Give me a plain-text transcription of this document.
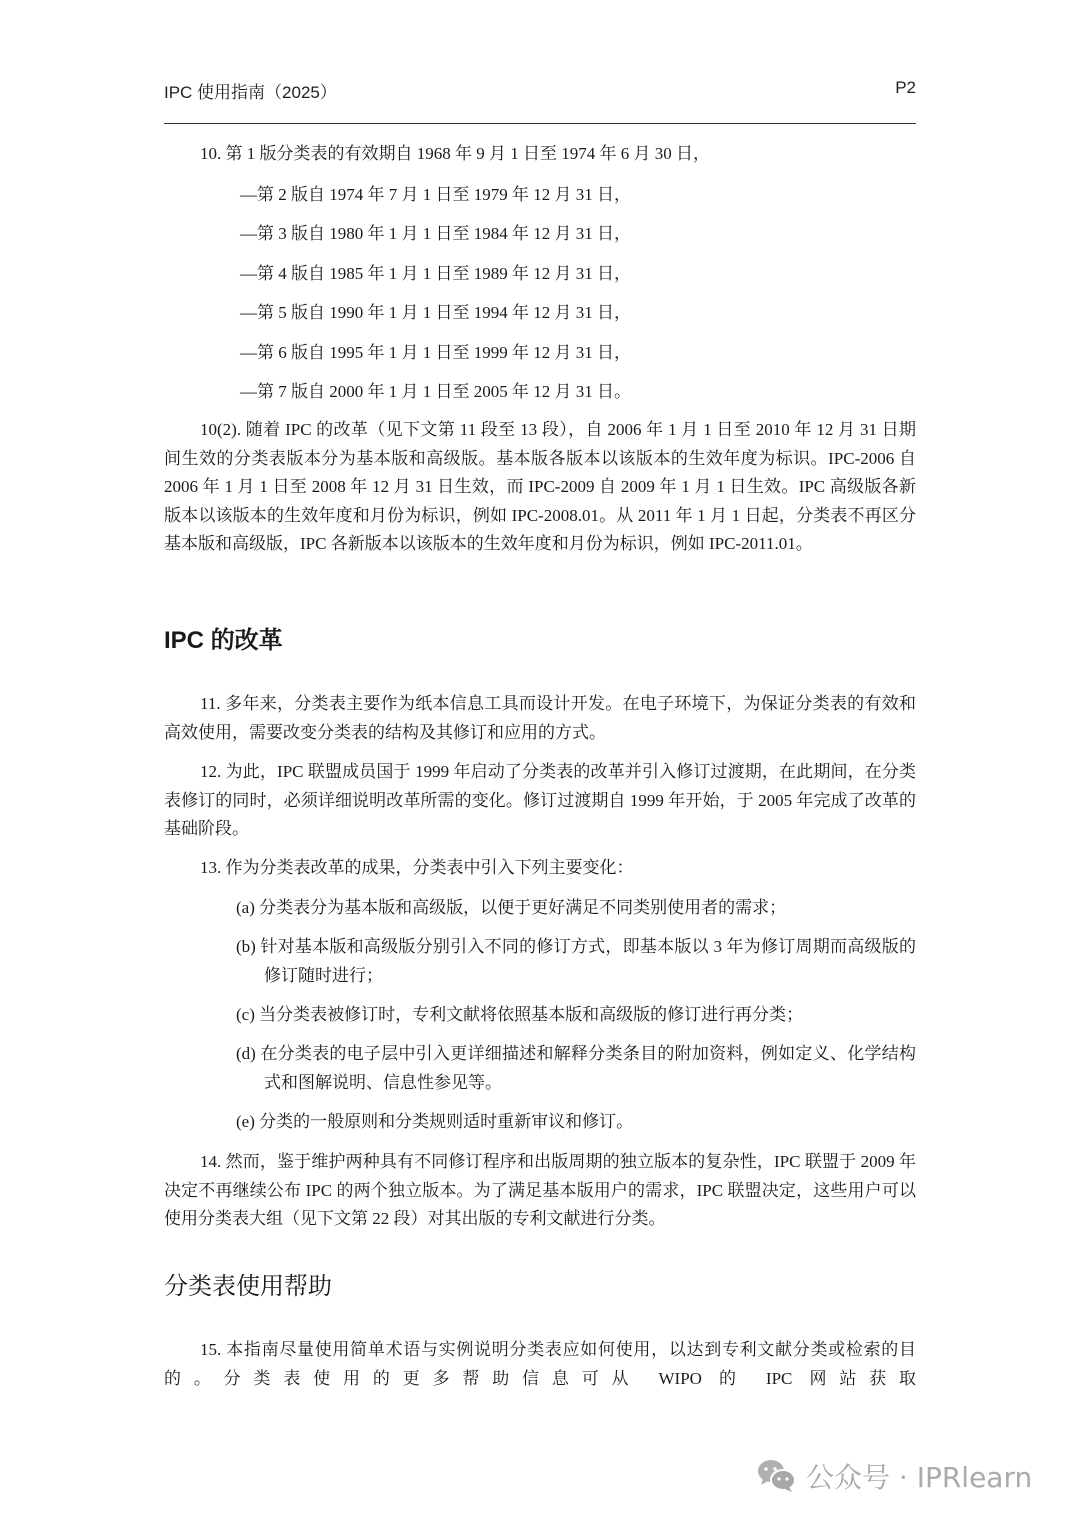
IPC 使用指南（2025）	P2
10. 第 1 版分类表的有效期自 1968 年 9 月 1 日至 1974 年 6 月 30 日，
—第 2 版自 1974 年 7 月 1 日至 1979 年 12 月 31 日，
—第 3 版自 1980 年 1 月 1 日至 1984 年 12 月 31 日，
—第 4 版自 1985 年 1 月 1 日至 1989 年 12 月 31 日，
—第 5 版自 1990 年 1 月 1 日至 1994 年 12 月 31 日，
—第 6 版自 1995 年 1 月 1 日至 1999 年 12 月 31 日，
—第 7 版自 2000 年 1 月 1 日至 2005 年 12 月 31 日。
10(2). 随着 IPC 的改革（见下文第 11 段至 13 段），自 2006 年 1 月 1 日至 2010 年 12 月 31 日期间生效的分类表版本分为基本版和高级版。基本版各版本以该版本的生效年度为标识。IPC-2006 自 2006 年 1 月 1 日至 2008 年 12 月 31 日生效，而 IPC-2009 自 2009 年 1 月 1 日生效。IPC 高级版各新版本以该版本的生效年度和月份为标识，例如 IPC-2008.01。从 2011 年 1 月 1 日起，分类表不再区分基本版和高级版，IPC 各新版本以该版本的生效年度和月份为标识，例如 IPC-2011.01。
IPC 的改革
11. 多年来，分类表主要作为纸本信息工具而设计开发。在电子环境下，为保证分类表的有效和高效使用，需要改变分类表的结构及其修订和应用的方式。
12. 为此，IPC 联盟成员国于 1999 年启动了分类表的改革并引入修订过渡期，在此期间，在分类表修订的同时，必须详细说明改革所需的变化。修订过渡期自 1999 年开始，于 2005 年完成了改革的基础阶段。
13. 作为分类表改革的成果，分类表中引入下列主要变化：
(a) 分类表分为基本版和高级版，以便于更好满足不同类别使用者的需求；
(b) 针对基本版和高级版分别引入不同的修订方式，即基本版以 3 年为修订周期而高级版的修订随时进行；
(c) 当分类表被修订时，专利文献将依照基本版和高级版的修订进行再分类；
(d) 在分类表的电子层中引入更详细描述和解释分类条目的附加资料，例如定义、化学结构式和图解说明、信息性参见等。
(e) 分类的一般原则和分类规则适时重新审议和修订。
14. 然而，鉴于维护两种具有不同修订程序和出版周期的独立版本的复杂性，IPC 联盟于 2009 年决定不再继续公布 IPC 的两个独立版本。为了满足基本版用户的需求，IPC 联盟决定，这些用户可以使用分类表大组（见下文第 22 段）对其出版的专利文献进行分类。
分类表使用帮助
15. 本指南尽量使用简单术语与实例说明分类表应如何使用，以达到专利文献分类或检索的目的。分类表使用的更多帮助信息可从 WIPO 的 IPC 网站获取
公众号 · IPRlearn
